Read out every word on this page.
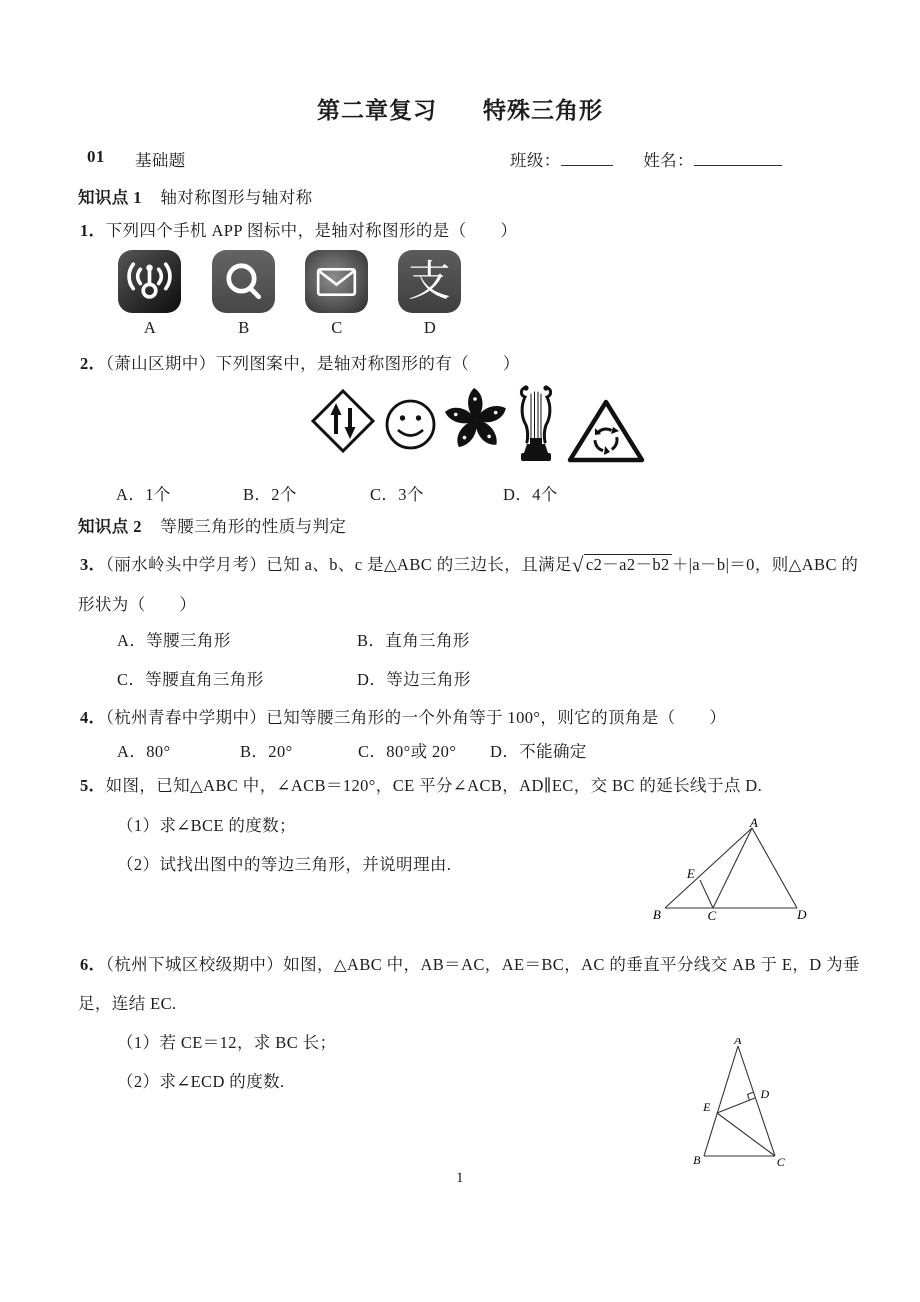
第二章复习 特殊三角形
01 基础题	班级：	姓名：
知识点 1 轴对称图形与轴对称
1．下列四个手机 APP 图标中，是轴对称图形的是（　　）
支
A	B	C	D
2．（萧山区期中）下列图案中，是轴对称图形的有（　　）
A．1个	B．2个	C．3个	D．4个
知识点 2 等腰三角形的性质与判定
3．（丽水岭头中学月考）已知 a、b、c 是△ABC 的三边长，且满足√ c2－a2－b2 ＋|a－b|＝0，则△ABC 的
形状为（　　）
A．等腰三角形	B．直角三角形
C．等腰直角三角形	D．等边三角形
4．（杭州青春中学期中）已知等腰三角形的一个外角等于 100°，则它的顶角是（　　）
A．80°	B．20°	C．80°或 20° D．不能确定
5．如图，已知△ABC 中，∠ACB＝120°，CE 平分∠ACB，AD∥EC，交 BC 的延长线于点 D.
（1）求∠BCE 的度数；
（2）试找出图中的等边三角形，并说明理由.
A
B	C	D
E
6．（杭州下城区校级期中）如图，△ABC 中，AB＝AC，AE＝BC，AC 的垂直平分线交 AB 于 E，D 为垂
足，连结 EC.
（1）若 CE＝12，求 BC 长；
（2）求∠ECD 的度数.
A
B	C
D
E
1
